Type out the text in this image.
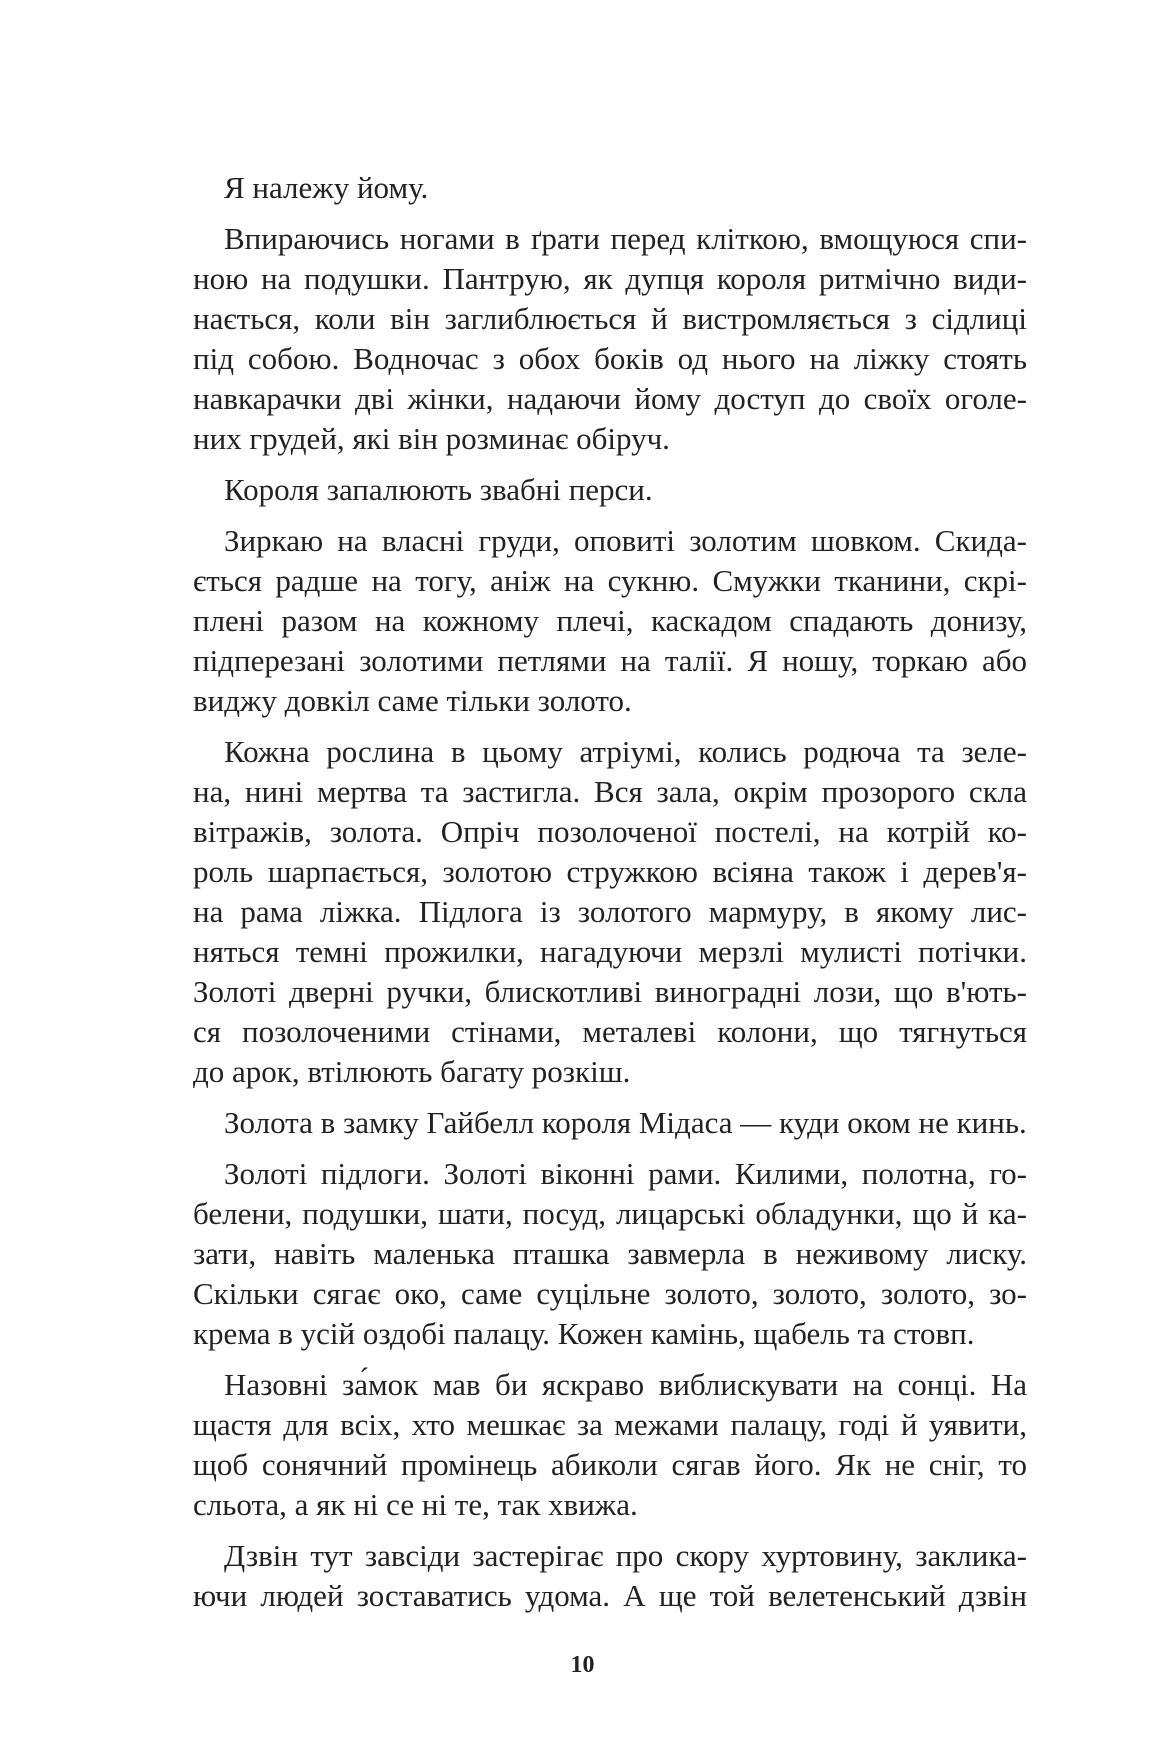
Я належу йому.
Впираючись ногами в ґрати перед кліткою, вмощуюся спи-
ною на подушки. Пантрую, як дупця короля ритмічно види-
нається, коли він заглиблюється й вистромляється з сідлиці
під собою. Водночас з обох боків од нього на ліжку стоять
навкарачки дві жінки, надаючи йому доступ до своїх оголе-
них грудей, які він розминає обіруч.
Короля запалюють звабні перси.
Зиркаю на власні груди, оповиті золотим шовком. Скида-
ється радше на тогу, аніж на сукню. Смужки тканини, скрі-
плені разом на кожному плечі, каскадом спадають донизу,
підперезані золотими петлями на талії. Я ношу, торкаю або
виджу довкіл саме тільки золото.
Кожна рослина в цьому атріумі, колись родюча та зеле-
на, нині мертва та застигла. Вся зала, окрім прозорого скла
вітражів, золота. Опріч позолоченої постелі, на котрій ко-
роль шарпається, золотою стружкою всіяна також і дерев'я-
на рама ліжка. Підлога із золотого мармуру, в якому лис-
няться темні прожилки, нагадуючи мерзлі мулисті потічки.
Золоті дверні ручки, блискотливі виноградні лози, що в'ють-
ся позолоченими стінами, металеві колони, що тягнуться
до арок, втілюють багату розкіш.
Золота в замку Гайбелл короля Мідаса — куди оком не кинь.
Золоті підлоги. Золоті віконні рами. Килими, полотна, го-
белени, подушки, шати, посуд, лицарські обладунки, що й ка-
зати, навіть маленька пташка завмерла в неживому лиску.
Скільки сягає око, саме суцільне золото, золото, золото, зо-
крема в усій оздобі палацу. Кожен камінь, щабель та стовп.
Назовні за́мок мав би яскраво виблискувати на сонці. На
щастя для всіх, хто мешкає за межами палацу, годі й уявити,
щоб сонячний промінець абиколи сягав його. Як не сніг, то
сльота, а як ні се ні те, так хвижа.
Дзвін тут завсіди застерігає про скору хуртовину, заклика-
ючи людей зоставатись удома. А ще той велетенський дзвін
10
